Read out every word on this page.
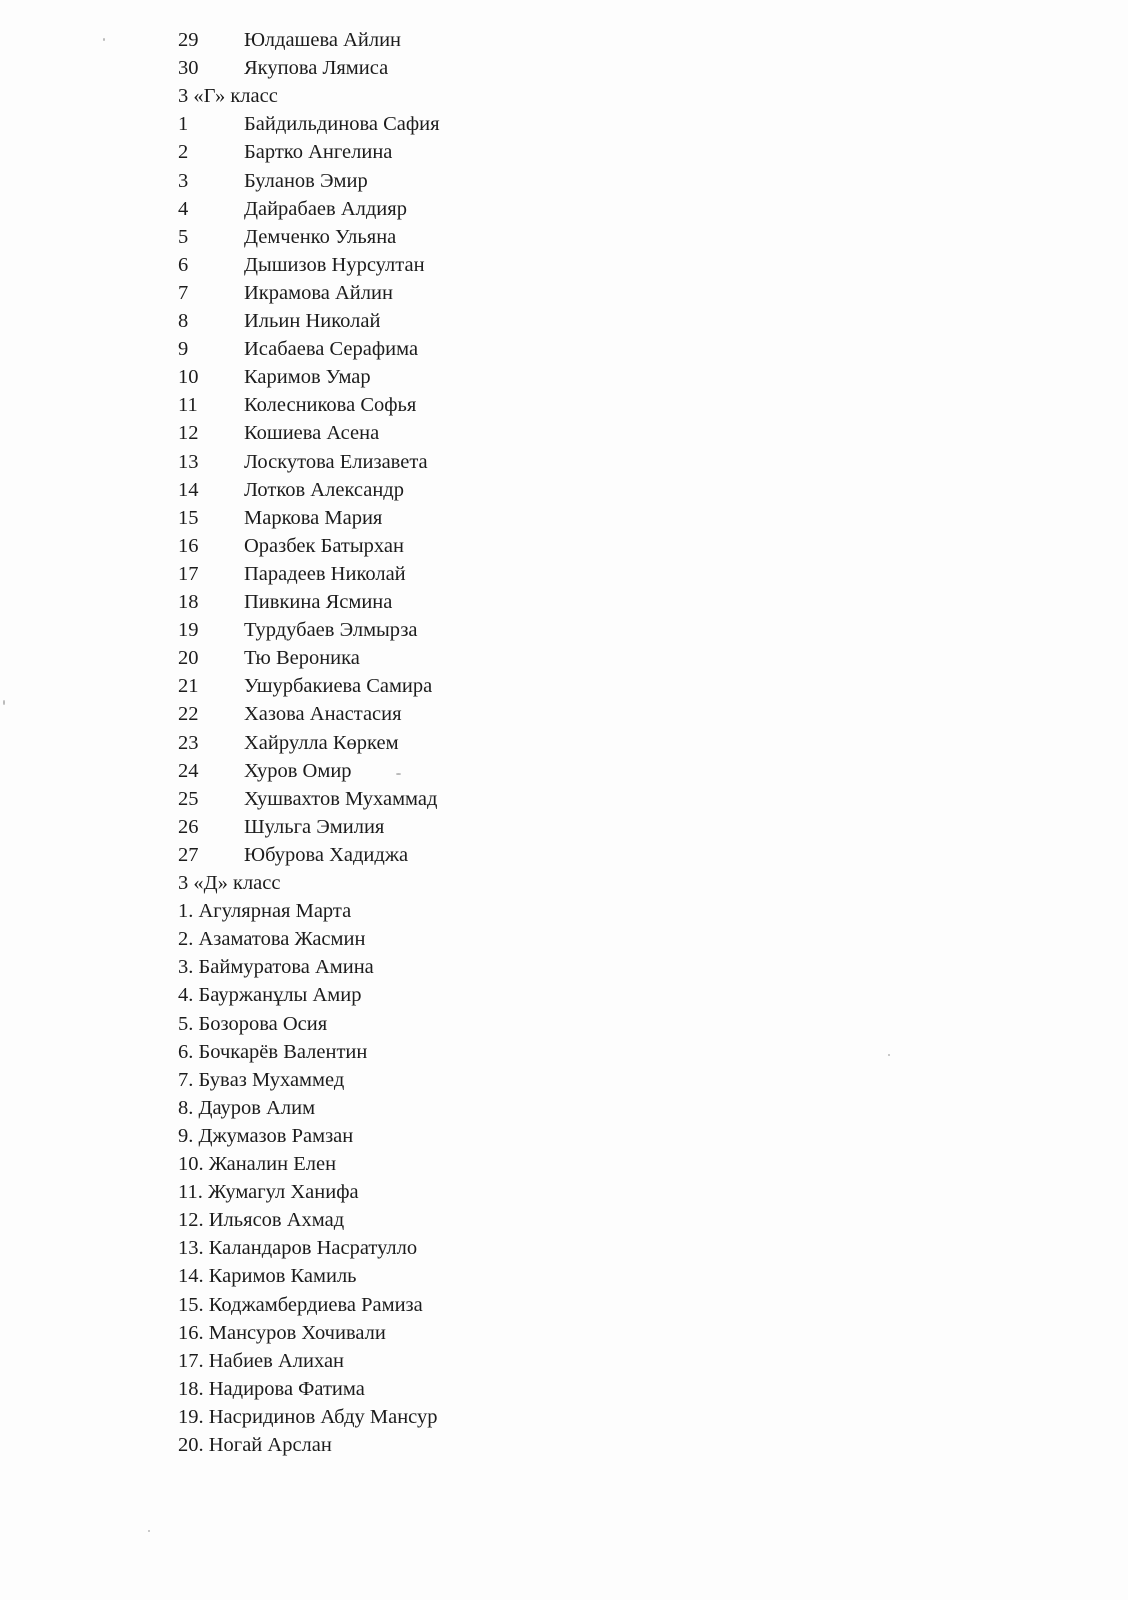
29 Юлдашева Айлин
30 Якупова Лямиса
3 «Г» класс
1	Байдильдинова Сафия
2	Бартко Ангелина
3	Буланов Эмир
4	Дайрабаев Алдияр
5	Демченко Ульяна
6	Дышизов Нурсултан
7	Икрамова Айлин
8	Ильин Николай
9	Исабаева Серафима
10 Каримов Умар
11 Колесникова Софья
12 Кошиева Асена
13 Лоскутова Елизавета
14 Лотков Александр
15 Маркова Мария
16 Оразбек Батырхан
17 Парадеев Николай
18 Пивкина Ясмина
19 Турдубаев Элмырза
20 Тю Вероника
21 Ушурбакиева Самира
22 Хазова Анастасия
23 Хайрулла Көркем
24 Хуров Омир
25 Хушвахтов Мухаммад
26 Шульга Эмилия
27 Юбурова Хадиджа
3 «Д» класс
1. Агулярная Марта
2. Азаматова Жасмин
3. Баймуратова Амина
4. Бауржанұлы Амир
5. Бозорова Осия
6. Бочкарёв Валентин
7. Бувaз Мухаммед
8. Дауров Алим
9. Джумазов Рамзан
10. Жаналин Елен
11. Жумагул Ханифа
12. Ильясов Ахмад
13. Каландаров Насратулло
14. Каримов Камиль
15. Коджамбердиева Рамиза
16. Мансуров Хочивали
17. Набиев Алихан
18. Надирова Фатима
19. Насридинов Абду Мансур
20. Ногай Арслан
